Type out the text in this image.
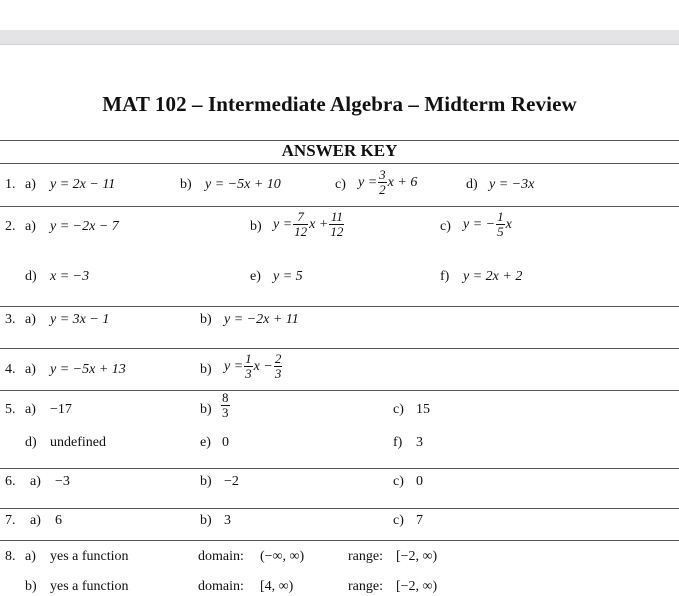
MAT 102 – Intermediate Algebra – Midterm Review
ANSWER KEY
1. a) y = 2x − 11	b) y = −5x + 10	c) $y = \frac{3}{2}$ x + 6	d) y = −3x
2. a) y = −2x − 7	b) $y = \frac{7}{12}$ $x + \frac{11}{12}$	c) y = − $\frac{1}{5}$ x
d) x = −3	e) y = 5	f) y = 2x + 2
3. a) y = 3x − 1	b) y = −2x + 11
4. a) y = −5x + 13	b) $y = \frac{1}{3}$ $x - \frac{2}{3}$
5. a) −17	$b) \frac{8}{3}$	c) 15
d) undefined	e) 0	f) 3
6. a) −3	b) −2	c) 0
7. a) 6	b) 3	c) 7
8. a) yes a function	domain: (−∞, ∞)	range: [−2, ∞)
b) yes a function	domain: [4, ∞)	range: [−2, ∞)
